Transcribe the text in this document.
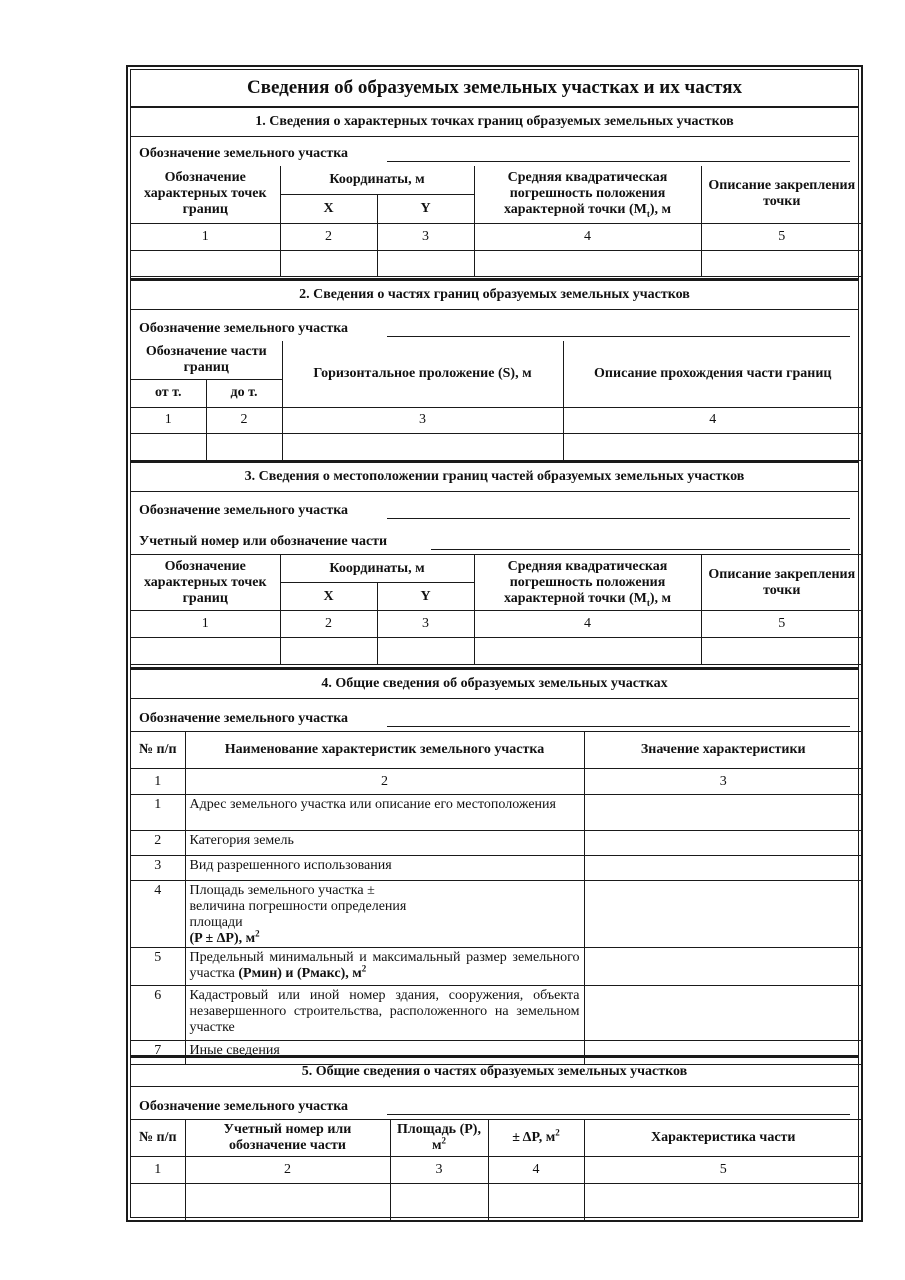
Сведения об образуемых земельных участках и их частях
1. Сведения о характерных точках границ образуемых земельных участков
Обозначение земельного участка
Обозначение характерных точек границ	Координаты, м		Средняя квадратическая погрешность положения характерной точки $(M_t)$, м	Описание закрепления точки
	X	Y		
1	2	3	4	5

2. Сведения о частях границ образуемых земельных участков
Обозначение земельного участка
Обозначение части границ		Горизонтальное проложение (S), м	Описание прохождения части границ
от т.	до т.		
1	2	3	4

3. Сведения о местоположении границ частей образуемых земельных участков
Обозначение земельного участка
Учетный номер или обозначение части
Обозначение характерных точек границ	Координаты, м		Средняя квадратическая погрешность положения характерной точки $(M_t)$, м	Описание закрепления точки
	X	Y		
1	2	3	4	5

4. Общие сведения об образуемых земельных участках
Обозначение земельного участка
№ п/п	Наименование характеристик земельного участка	Значение характеристики
1	2	3
1	Адрес земельного участка или описание его местоположения	
2	Категория земель	
3	Вид разрешенного использования	
4	Площадь земельного участка ± величина погрешности определения площади
(P ± ΔP), $м^2$	
5	Предельный минимальный и максимальный размер земельного участка (Рмин) и (Рмакс), $м^2$	
6	Кадастровый или иной номер здания, сооружения, объекта незавершенного строительства, расположенного на земельном участке	
7	Иные сведения	
5. Общие сведения о частях образуемых земельных участков
Обозначение земельного участка
№ п/п	Учетный номер или обозначение части	Площадь (P), $м^2$	± ΔP, $м^2$	Характеристика части
1	2	3	4	5
